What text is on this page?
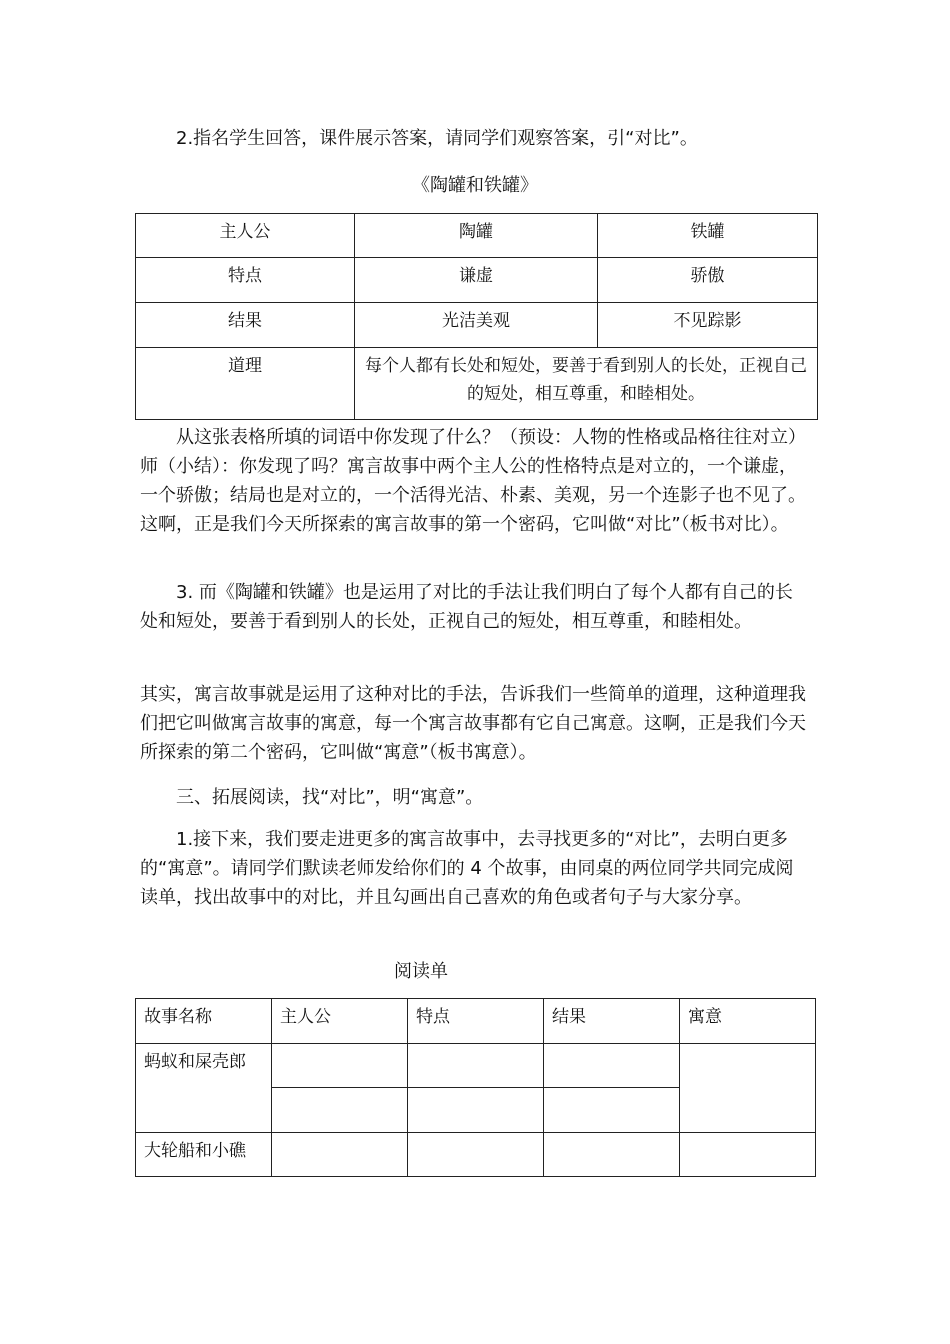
2.指名学生回答，课件展示答案，请同学们观察答案，引“对比”。
《陶罐和铁罐》
主人公	陶罐	铁罐
特点	谦虚	骄傲
结果	光洁美观	不见踪影
道理	每个人都有长处和短处，要善于看到别人的长处，正视自己的短处，相互尊重，和睦相处。	
从这张表格所填的词语中你发现了什么？（预设：人物的性格或品格往往对立）师（小结）：你发现了吗？寓言故事中两个主人公的性格特点是对立的，一个谦虚，一个骄傲；结局也是对立的，一个活得光洁、朴素、美观，另一个连影子也不见了。这啊，正是我们今天所探索的寓言故事的第一个密码，它叫做“对比”（板书对比）。
3. 而《陶罐和铁罐》也是运用了对比的手法让我们明白了每个人都有自己的长处和短处，要善于看到别人的长处，正视自己的短处，相互尊重，和睦相处。
其实，寓言故事就是运用了这种对比的手法，告诉我们一些简单的道理，这种道理我们把它叫做寓言故事的寓意，每一个寓言故事都有它自己寓意。这啊，正是我们今天所探索的第二个密码，它叫做“寓意”（板书寓意）。
三、拓展阅读，找“对比”，明“寓意”。
1.接下来，我们要走进更多的寓言故事中，去寻找更多的“对比”，去明白更多的“寓意”。请同学们默读老师发给你们的 4 个故事，由同桌的两位同学共同完成阅读单，找出故事中的对比，并且勾画出自己喜欢的角色或者句子与大家分享。
阅读单
故事名称	主人公	特点	结果	寓意
蚂蚁和屎壳郎				

大轮船和小礁				
